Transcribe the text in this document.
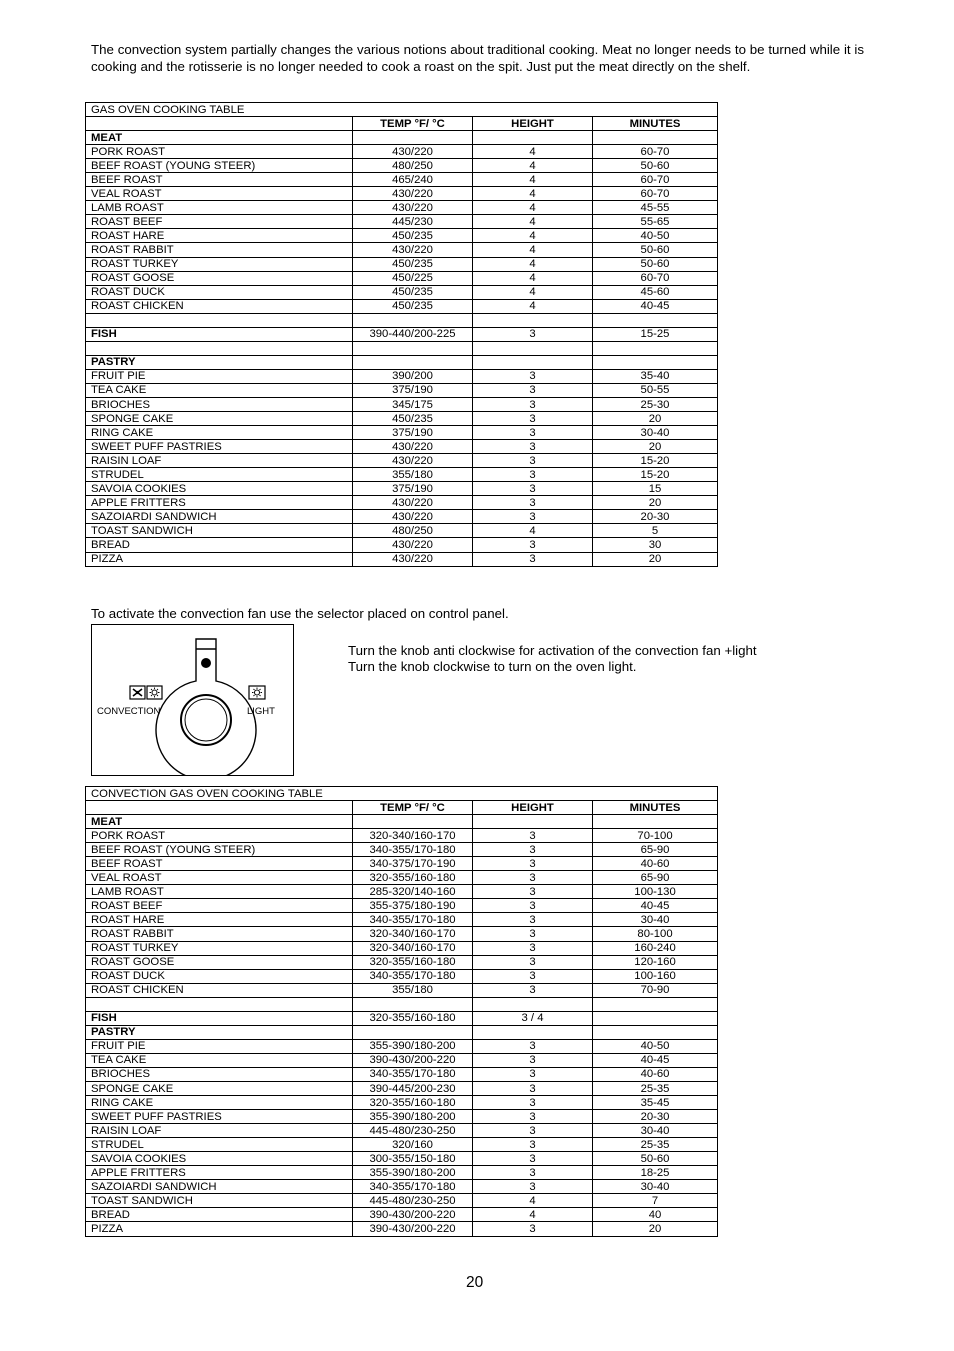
The convection system partially changes the various notions about traditional cooking. Meat no longer needs to be turned while it is cooking and the rotisserie is no longer needed to cook a roast on the spit. Just put the meat directly on the shelf.

GAS OVEN COOKING TABLE			
	TEMP °F/ °C	HEIGHT	MINUTES
MEAT			
PORK ROAST	430/220	4	60-70
BEEF ROAST (YOUNG STEER)	480/250	4	50-60
BEEF ROAST	465/240	4	60-70
VEAL ROAST	430/220	4	60-70
LAMB ROAST	430/220	4	45-55
ROAST BEEF	445/230	4	55-65
ROAST HARE	450/235	4	40-50
ROAST RABBIT	430/220	4	50-60
ROAST TURKEY	450/235	4	50-60
ROAST GOOSE	450/225	4	60-70
ROAST DUCK	450/235	4	45-60
ROAST CHICKEN	450/235	4	40-45

FISH	390-440/200-225	3	15-25

PASTRY			
FRUIT PIE	390/200	3	35-40
TEA CAKE	375/190	3	50-55
BRIOCHES	345/175	3	25-30
SPONGE CAKE	450/235	3	20
RING CAKE	375/190	3	30-40
SWEET PUFF PASTRIES	430/220	3	20
RAISIN LOAF	430/220	3	15-20
STRUDEL	355/180	3	15-20
SAVOIA COOKIES	375/190	3	15
APPLE FRITTERS	430/220	3	20
SAZOIARDI SANDWICH	430/220	3	20-30
TOAST SANDWICH	480/250	4	5
BREAD	430/220	3	30
PIZZA	430/220	3	20
To activate the convection fan use the selector placed on control panel.
CONVECTION	LIGHT
Turn the knob anti clockwise for activation of the convection fan +light
Turn the knob clockwise to turn on the oven light.
CONVECTION GAS OVEN COOKING TABLE			
	TEMP °F/ °C	HEIGHT	MINUTES
MEAT			
PORK ROAST	320-340/160-170	3	70-100
BEEF ROAST (YOUNG STEER)	340-355/170-180	3	65-90
BEEF ROAST	340-375/170-190	3	40-60
VEAL ROAST	320-355/160-180	3	65-90
LAMB ROAST	285-320/140-160	3	100-130
ROAST BEEF	355-375/180-190	3	40-45
ROAST HARE	340-355/170-180	3	30-40
ROAST RABBIT	320-340/160-170	3	80-100
ROAST TURKEY	320-340/160-170	3	160-240
ROAST GOOSE	320-355/160-180	3	120-160
ROAST DUCK	340-355/170-180	3	100-160
ROAST CHICKEN	355/180	3	70-90

FISH	320-355/160-180	3 / 4	
PASTRY			
FRUIT PIE	355-390/180-200	3	40-50
TEA CAKE	390-430/200-220	3	40-45
BRIOCHES	340-355/170-180	3	40-60
SPONGE CAKE	390-445/200-230	3	25-35
RING CAKE	320-355/160-180	3	35-45
SWEET PUFF PASTRIES	355-390/180-200	3	20-30
RAISIN LOAF	445-480/230-250	3	30-40
STRUDEL	320/160	3	25-35
SAVOIA COOKIES	300-355/150-180	3	50-60
APPLE FRITTERS	355-390/180-200	3	18-25
SAZOIARDI SANDWICH	340-355/170-180	3	30-40
TOAST SANDWICH	445-480/230-250	4	7
BREAD	390-430/200-220	4	40
PIZZA	390-430/200-220	3	20
20
